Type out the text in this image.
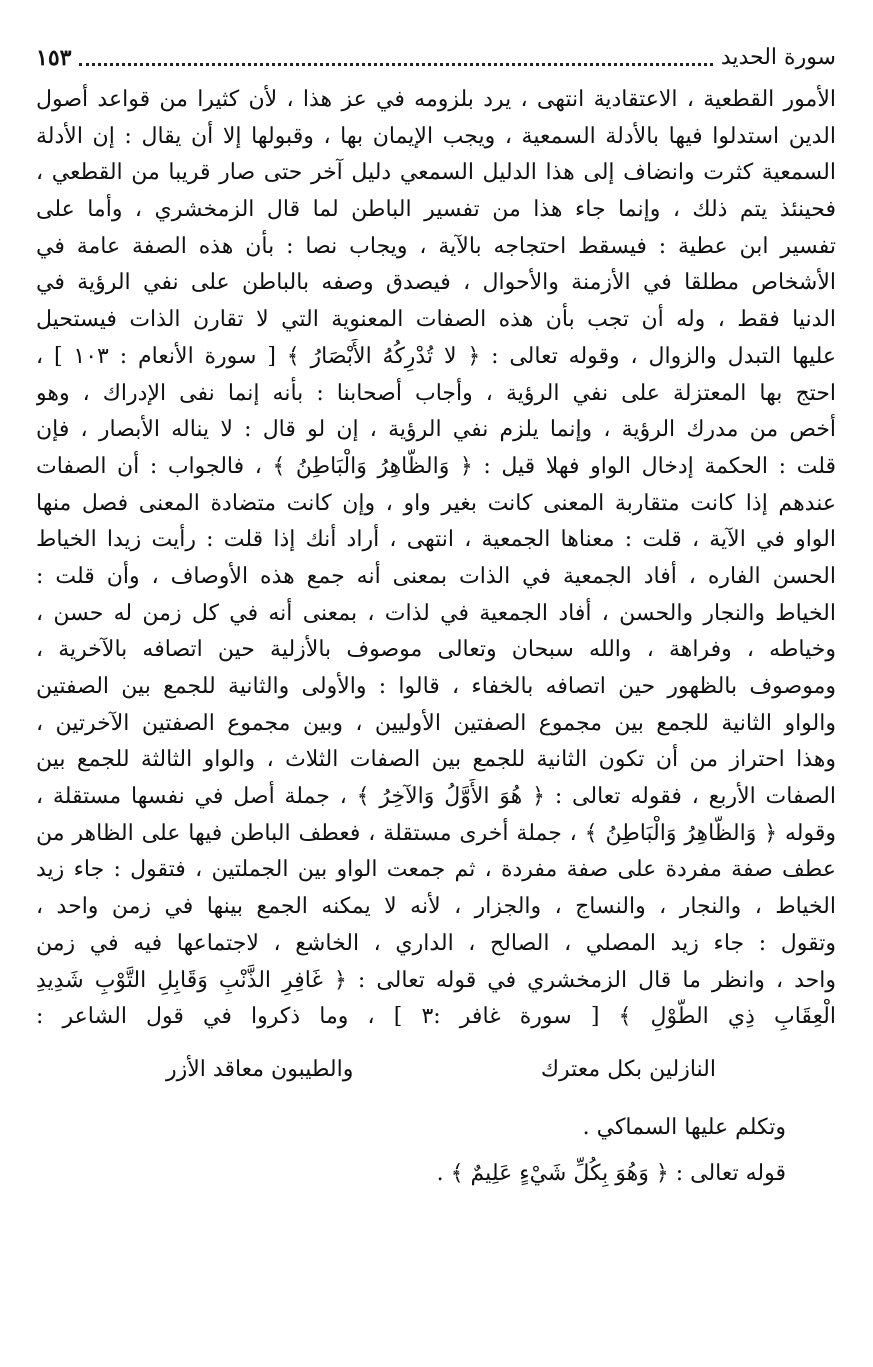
سورة الحديد
١٥٣
الأمور القطعية ، الاعتقادية انتهى ، يرد بلزومه في عز هذا ، لأن كثيرا من قواعد أصول
الدين استدلوا فيها بالأدلة السمعية ، ويجب الإيمان بها ، وقبولها إلا أن يقال : إن الأدلة
السمعية كثرت وانضاف إلى هذا الدليل السمعي دليل آخر حتى صار قريبا من القطعي ،
فحينئذ يتم ذلك ، وإنما جاء هذا من تفسير الباطن لما قال الزمخشري ، وأما على
تفسير ابن عطية : فيسقط احتجاجه بالآية ، ويجاب نصا : بأن هذه الصفة عامة في
الأشخاص مطلقا في الأزمنة والأحوال ، فيصدق وصفه بالباطن على نفي الرؤية في
الدنيا فقط ، وله أن تجب بأن هذه الصفات المعنوية التي لا تقارن الذات فيستحيل
عليها التبدل والزوال ، وقوله تعالى : ﴿ لا تُدْرِكُهُ الأَبْصَارُ ﴾ [ سورة الأنعام : ١٠٣ ] ،
احتج بها المعتزلة على نفي الرؤية ، وأجاب أصحابنا : بأنه إنما نفى الإدراك ، وهو
أخص من مدرك الرؤية ، وإنما يلزم نفي الرؤية ، إن لو قال : لا يناله الأبصار ، فإن
قلت : الحكمة إدخال الواو فهلا قيل : ﴿ وَالظَّاهِرُ وَالْبَاطِنُ ﴾ ، فالجواب : أن الصفات
عندهم إذا كانت متقاربة المعنى كانت بغير واو ، وإن كانت متضادة المعنى فصل منها
الواو في الآية ، قلت : معناها الجمعية ، انتهى ، أراد أنك إذا قلت : رأيت زيدا الخياط
الحسن الفاره ، أفاد الجمعية في الذات بمعنى أنه جمع هذه الأوصاف ، وأن قلت :
الخياط والنجار والحسن ، أفاد الجمعية في لذات ، بمعنى أنه في كل زمن له حسن ،
وخياطه ، وفراهة ، والله سبحان وتعالى موصوف بالأزلية حين اتصافه بالآخرية ،
وموصوف بالظهور حين اتصافه بالخفاء ، قالوا : والأولى والثانية للجمع بين الصفتين
والواو الثانية للجمع بين مجموع الصفتين الأوليين ، وبين مجموع الصفتين الآخرتين ،
وهذا احتراز من أن تكون الثانية للجمع بين الصفات الثلاث ، والواو الثالثة للجمع بين
الصفات الأربع ، فقوله تعالى : ﴿ هُوَ الأَوَّلُ وَالآخِرُ ﴾ ، جملة أصل في نفسها مستقلة ،
وقوله ﴿ وَالظَّاهِرُ وَالْبَاطِنُ ﴾ ، جملة أخرى مستقلة ، فعطف الباطن فيها على الظاهر من
عطف صفة مفردة على صفة مفردة ، ثم جمعت الواو بين الجملتين ، فتقول : جاء زيد
الخياط ، والنجار ، والنساج ، والجزار ، لأنه لا يمكنه الجمع بينها في زمن واحد ،
وتقول : جاء زيد المصلي ، الصالح ، الداري ، الخاشع ، لاجتماعها فيه في زمن
واحد ، وانظر ما قال الزمخشري في قوله تعالى : ﴿ غَافِرِ الذَّنْبِ وَقَابِلِ التَّوْبِ شَدِيدِ
الْعِقَابِ ذِي الطَّوْلِ ﴾ [ سورة غافر :٣ ] ، وما ذكروا في قول الشاعر :
النازلين بكل معترك
والطيبون معاقد الأزر
وتكلم عليها السماكي .
قوله تعالى : ﴿ وَهُوَ بِكُلِّ شَيْءٍ عَلِيمٌ ﴾ .
